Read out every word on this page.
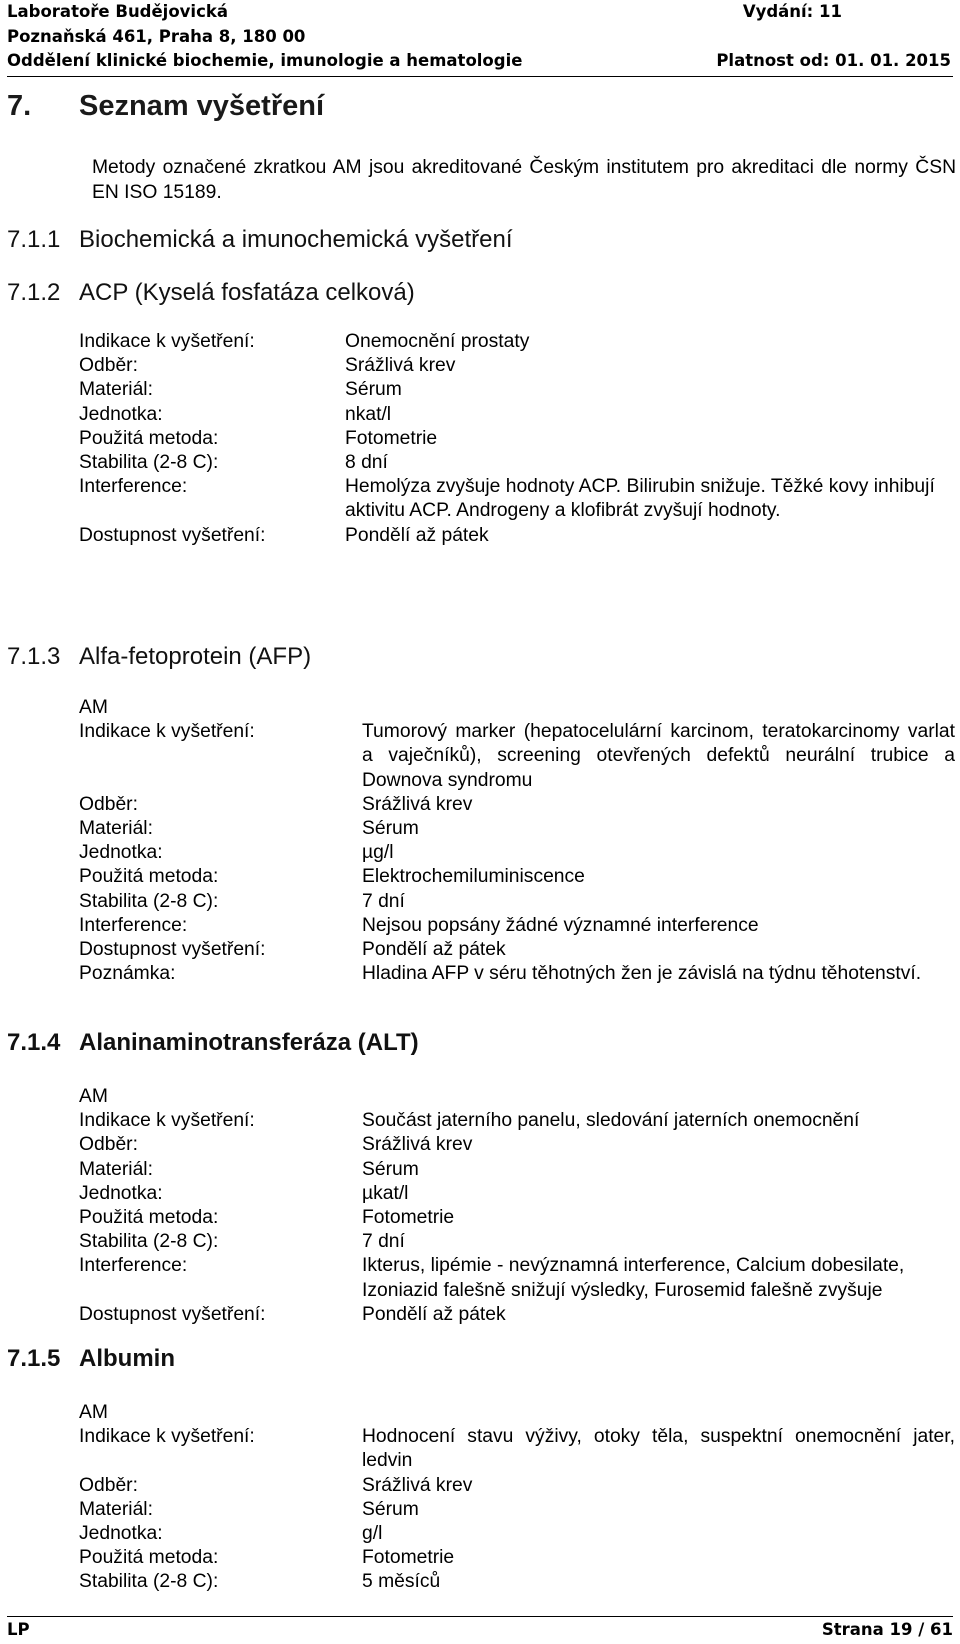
Laboratoře Budějovická	Vydání: 11
Poznaňská 461, Praha 8, 180 00
Oddělení klinické biochemie, imunologie a hematologie	Platnost od: 01. 01. 2015
7. Seznam vyšetření
Metody označené zkratkou AM jsou akreditované Českým institutem pro akreditaci dle normy ČSN EN ISO 15189.
7.1.1 Biochemická a imunochemická vyšetření
7.1.2 ACP (Kyselá fosfatáza celková)
Indikace k vyšetření:	Onemocnění prostaty
Odběr:	Srážlivá krev
Materiál:	Sérum
Jednotka:	nkat/l
Použitá metoda:	Fotometrie
Stabilita (2-8 C):	8 dní
Interference:	Hemolýza zvyšuje hodnoty ACP. Bilirubin snižuje. Těžké kovy inhibují aktivitu ACP. Androgeny a klofibrát zvyšují hodnoty.
Dostupnost vyšetření:	Pondělí až pátek
7.1.3 Alfa-fetoprotein (AFP)
AM
Indikace k vyšetření:	Tumorový marker (hepatocelulární karcinom, teratokarcinomy varlat a vaječníků), screening otevřených defektů neurální trubice a Downova syndromu
Odběr:	Srážlivá krev
Materiál:	Sérum
Jednotka:	µg/l
Použitá metoda:	Elektrochemiluminiscence
Stabilita (2-8 C):	7 dní
Interference:	Nejsou popsány žádné významné interference
Dostupnost vyšetření:	Pondělí až pátek
Poznámka:	Hladina AFP v séru těhotných žen je závislá na týdnu těhotenství.
7.1.4 Alaninaminotransferáza (ALT)
AM
Indikace k vyšetření:	Součást jaterního panelu, sledování jaterních onemocnění
Odběr:	Srážlivá krev
Materiál:	Sérum
Jednotka:	µkat/l
Použitá metoda:	Fotometrie
Stabilita (2-8 C):	7 dní
Interference:	Ikterus, lipémie - nevýznamná interference, Calcium dobesilate, Izoniazid falešně snižují výsledky, Furosemid falešně zvyšuje
Dostupnost vyšetření:	Pondělí až pátek
7.1.5 Albumin
AM
Indikace k vyšetření:	Hodnocení stavu výživy, otoky těla, suspektní onemocnění jater, ledvin
Odběr:	Srážlivá krev
Materiál:	Sérum
Jednotka:	g/l
Použitá metoda:	Fotometrie
Stabilita (2-8 C):	5 měsíců
LP	Strana 19 / 61
